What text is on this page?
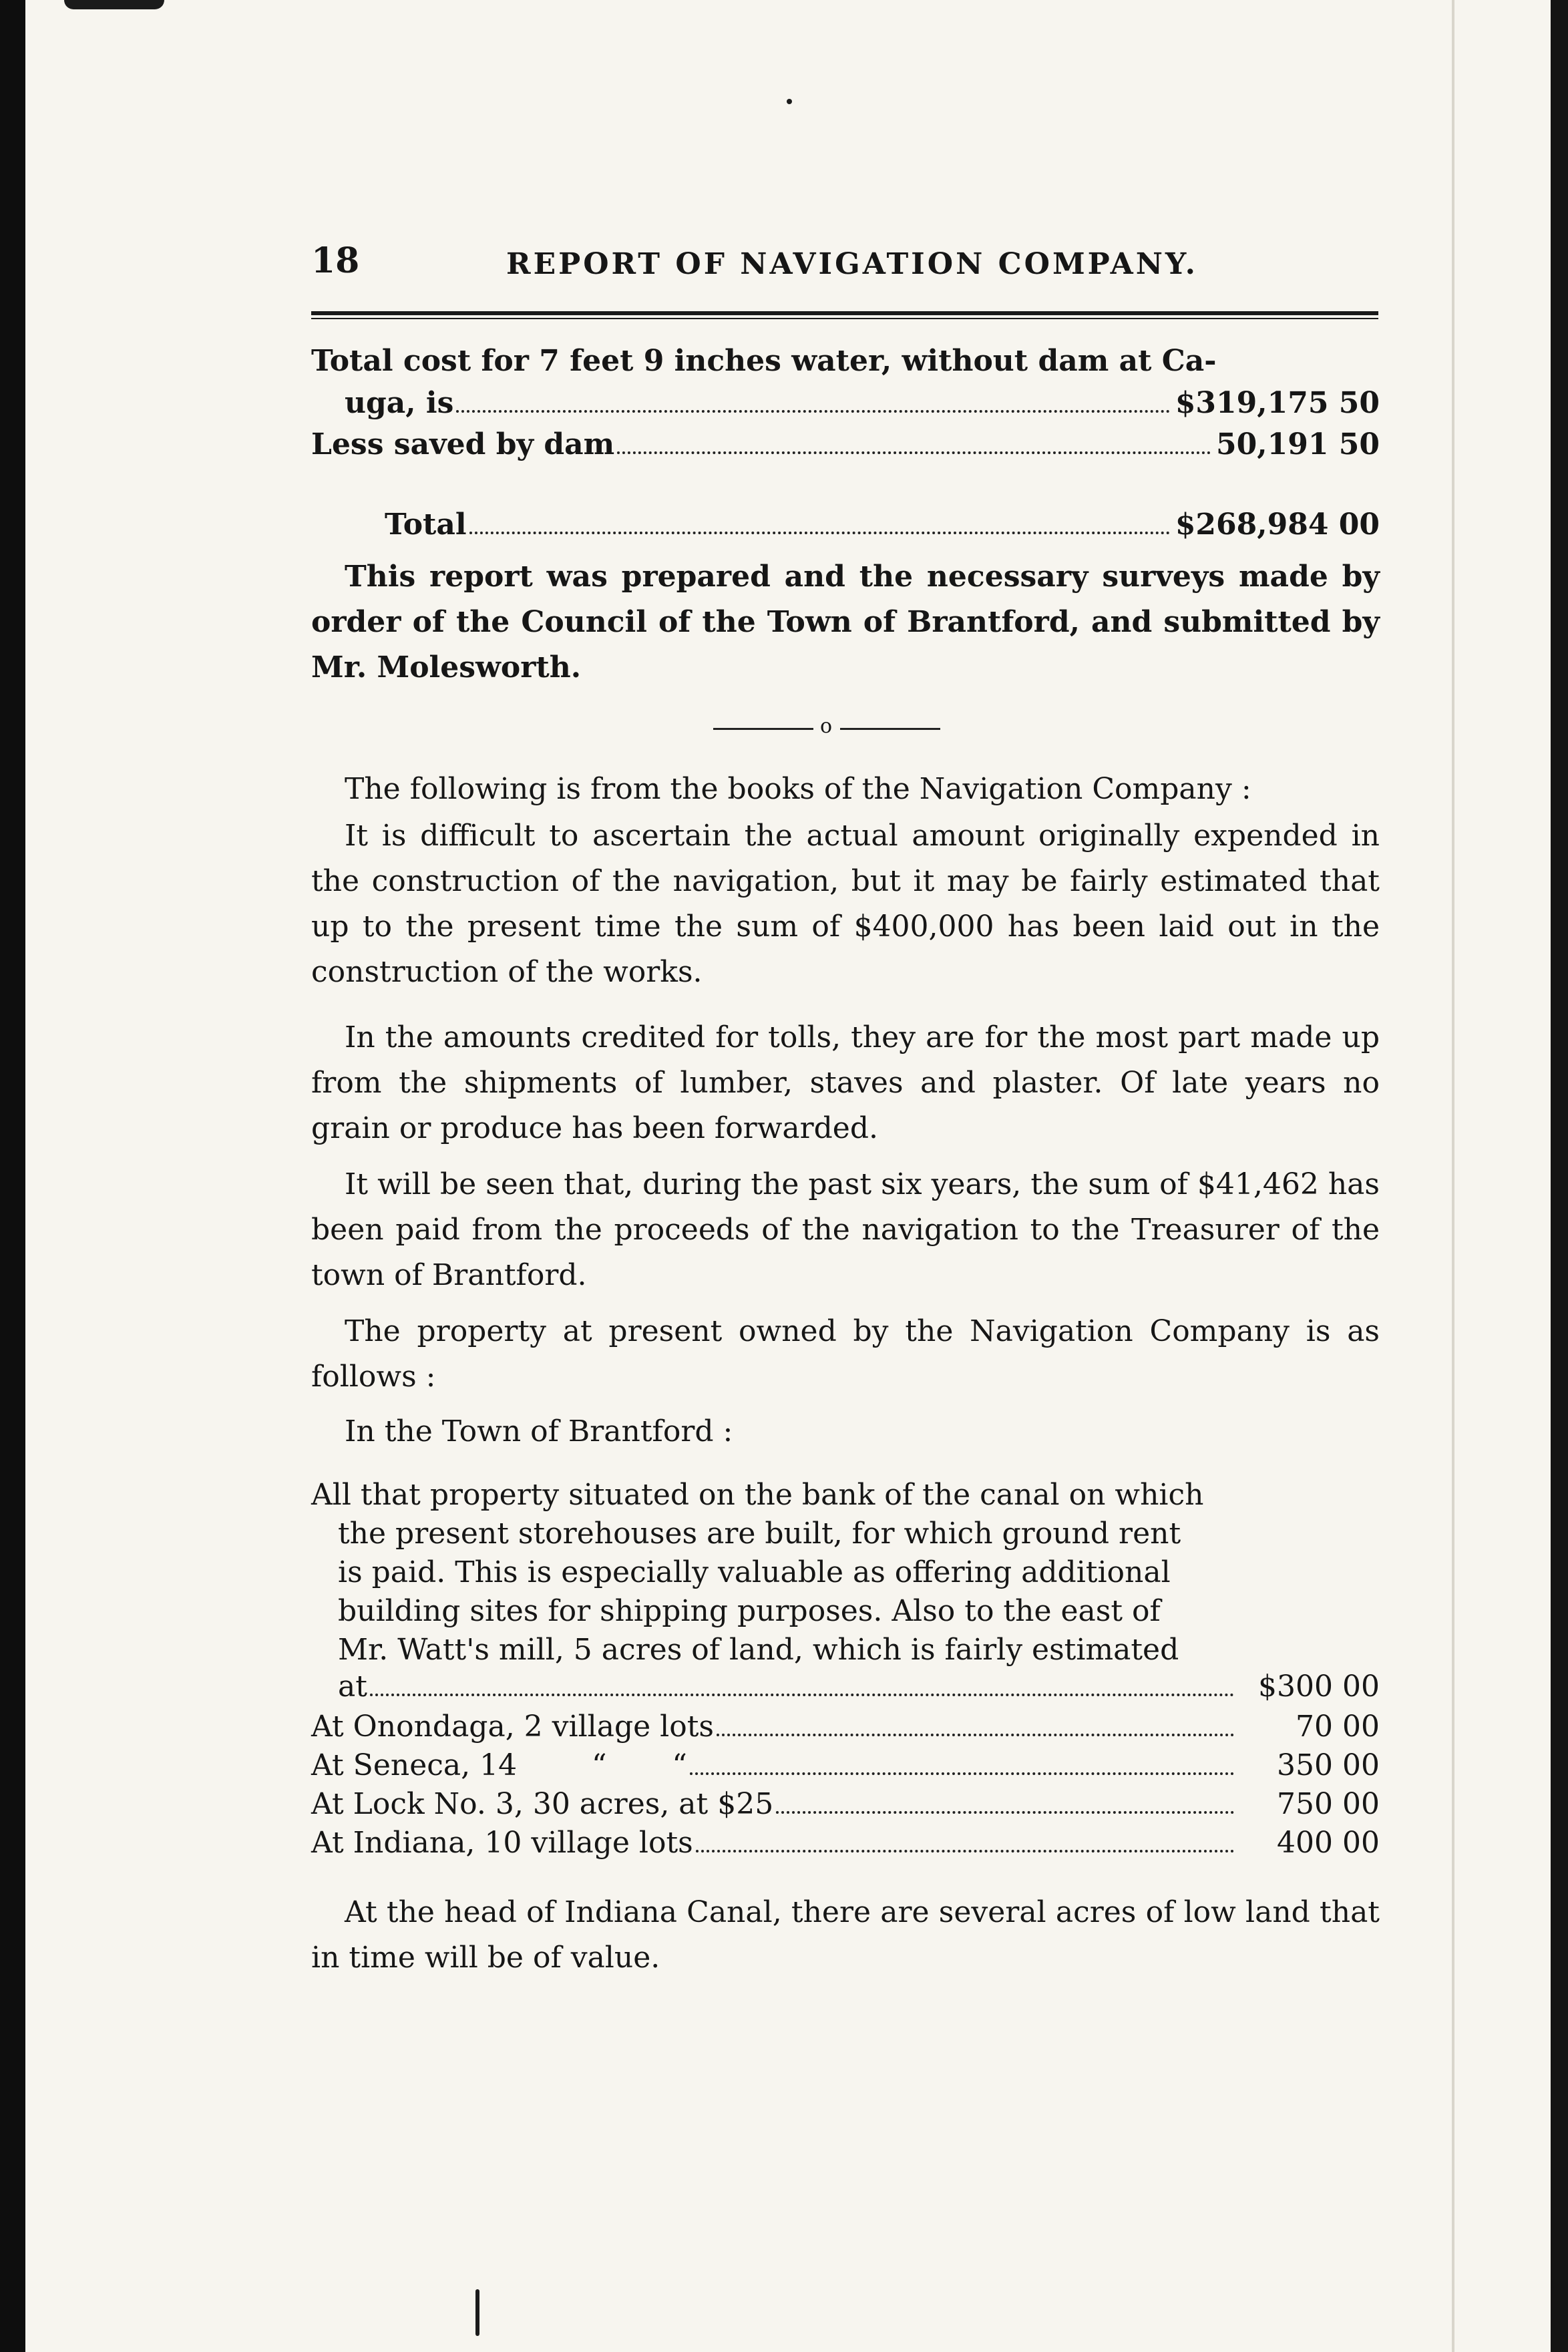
18	REPORT OF NAVIGATION COMPANY.
Total cost for 7 feet 9 inches water, without dam at Ca-
uga, is	$319,175 50
Less saved by dam	50,191 50
Total	$268,984 00

This report was prepared and the necessary surveys made by order of the Council of the Town of Brantford, and submitted by Mr. Molesworth.

o

The following is from the books of the Navigation Company :

It is difficult to ascertain the actual amount originally expended in the construction of the navigation, but it may be fairly estimated that up to the present time the sum of $400,000 has been laid out in the construction of the works.

In the amounts credited for tolls, they are for the most part made up from the shipments of lumber, staves and plaster. Of late years no grain or produce has been forwarded.

It will be seen that, during the past six years, the sum of $41,462 has been paid from the proceeds of the navigation to the Treasurer of the town of Brantford.

The property at present owned by the Navigation Company is as follows :

In the Town of Brantford :

All that property situated on the bank of the canal on which

the present storehouses are built, for which ground rent

is paid. This is especially valuable as offering additional

building sites for shipping purposes. Also to the east of

Mr. Watt's mill, 5 acres of land, which is fairly estimated

at	$300 00
At Onondaga, 2 village lots	70 00
At Seneca, 14        “       “	350 00
At Lock No. 3, 30 acres, at $25	750 00
At Indiana, 10 village lots	400 00

At the head of Indiana Canal, there are several acres of low land that in time will be of value.
